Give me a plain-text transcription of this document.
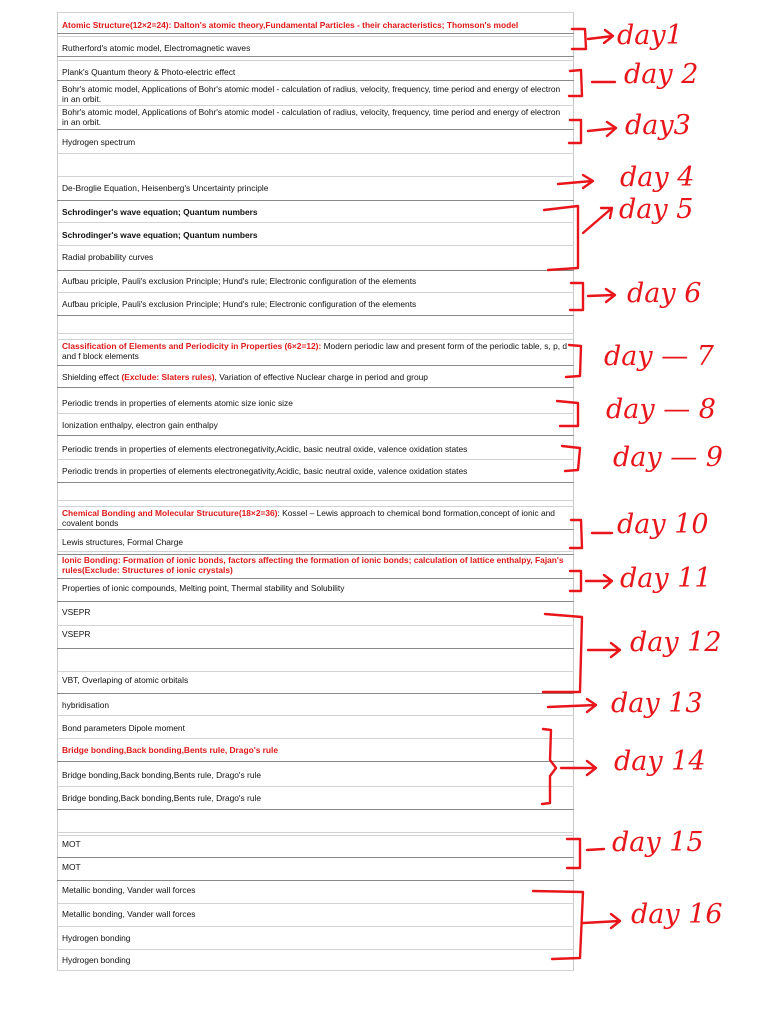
Atomic Structure(12×2=24): Dalton's atomic theory,Fundamental Particles - their characteristics; Thomson's model
Rutherford's atomic model, Electromagnetic waves
Plank's Quantum theory & Photo-electric effect
Bohr's atomic model, Applications of Bohr's atomic model - calculation of radius, velocity, frequency, time period and energy of electron in an orbit.
Bohr's atomic model, Applications of Bohr's atomic model - calculation of radius, velocity, frequency, time period and energy of electron in an orbit.
Hydrogen spectrum
De-Broglie Equation, Heisenberg's Uncertainty principle
Schrodinger's wave equation; Quantum numbers
Schrodinger's wave equation; Quantum numbers
Radial probability curves
Aufbau priciple, Pauli's exclusion Principle; Hund's rule; Electronic configuration of the elements
Aufbau priciple, Pauli's exclusion Principle; Hund's rule; Electronic configuration of the elements
Classification of Elements and Periodicity in Properties (6×2=12): Modern periodic law and present form of the periodic table, s, p, d and f block elements
Shielding effect (Exclude: Slaters rules), Variation of effective Nuclear charge in period and group
Periodic trends in properties of elements atomic size ionic size
Ionization enthalpy, electron gain enthalpy
Periodic trends in properties of elements electronegativity,Acidic, basic neutral oxide, valence oxidation states
Periodic trends in properties of elements electronegativity,Acidic, basic neutral oxide, valence oxidation states
Chemical Bonding and Molecular Strucuture(18×2=36): Kossel – Lewis approach to chemical bond formation,concept of ionic and covalent bonds
Lewis structures, Formal Charge
Ionic Bonding: Formation of ionic bonds, factors affecting the formation of ionic bonds; calculation of lattice enthalpy, Fajan's rules(Exclude: Structures of ionic crystals)
Properties of ionic compounds, Melting point, Thermal stability and Solubility
VSEPR
VSEPR
VBT, Overlaping of atomic orbitals
hybridisation
Bond parameters Dipole moment
Bridge bonding,Back bonding,Bents rule, Drago's rule
Bridge bonding,Back bonding,Bents rule, Drago's rule
Bridge bonding,Back bonding,Bents rule, Drago's rule
MOT
MOT
Metallic bonding, Vander wall forces
Metallic bonding, Vander wall forces
Hydrogen bonding
Hydrogen bonding
day1
day 2
day3
day 4
day 5
day 6
day — 7
day — 8
day — 9
day 10
day 11
day 12
day 13
day 14
day 15
day 16
